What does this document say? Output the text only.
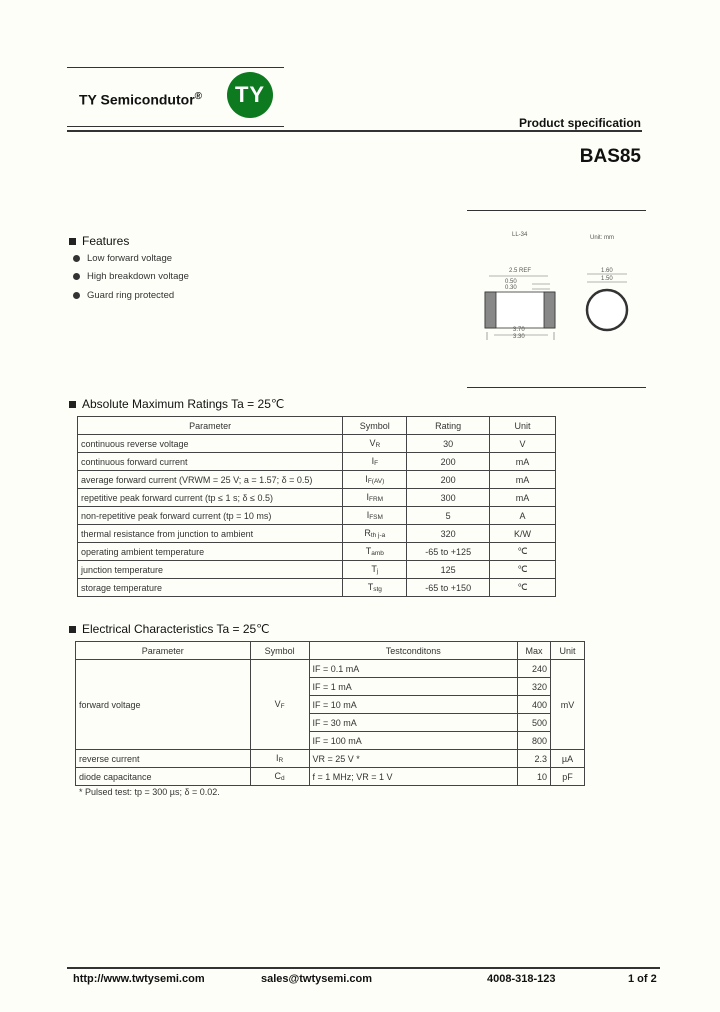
TY Semicondutor®	TY
Product specification
BAS85
LL-34	Unit: mm
2.5 REF
0.50
0.30
3.70
3.30
1.60
1.50
Features
Low forward voltage
High breakdown voltage
Guard ring protected
Absolute Maximum Ratings Ta = 25℃
Parameter	Symbol	Rating	Unit
continuous reverse voltage	VR	30	V
continuous forward current	IF	200	mA
average forward current (VRWM = 25 V; a = 1.57; δ = 0.5)	IF(AV)	200	mA
repetitive peak forward current (tp ≤ 1 s; δ ≤ 0.5)	IFRM	300	mA
non-repetitive peak forward current (tp = 10 ms)	IFSM	5	A
thermal resistance from junction to ambient	Rth j-a	320	K/W
operating ambient temperature	Tamb	-65 to +125	℃
junction temperature	Tj	125	℃
storage temperature	Tstg	-65 to +150	℃
Electrical Characteristics Ta = 25℃
Parameter	Symbol	Testconditons	Max	Unit
forward voltage	VF	IF = 0.1 mA	240	mV
		IF = 1 mA	320	
		IF = 10 mA	400	
		IF = 30 mA	500	
		IF = 100 mA	800	
reverse current	IR	VR = 25 V *	2.3	µA
diode capacitance	Cd	f = 1 MHz; VR = 1 V	10	pF
* Pulsed test: tp = 300 µs; δ = 0.02.
http://www.twtysemi.com	sales@twtysemi.com	4008-318-123	1 of 2
